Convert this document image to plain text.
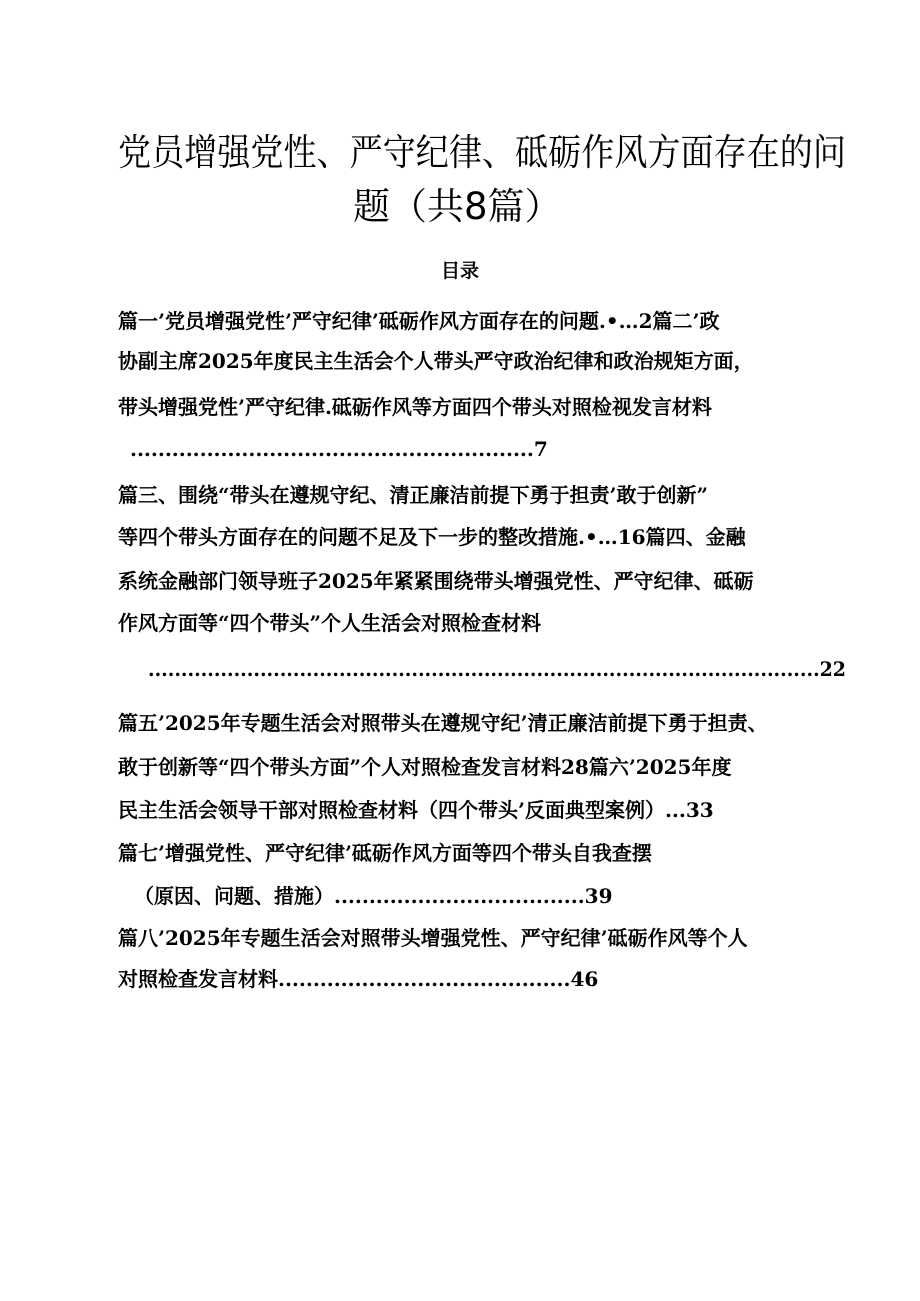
党员增强党性、严守纪律、砥砺作风方面存在的问
题（共8篇）
目录
篇一’党员增强党性’严守纪律’砥砺作风方面存在的问题.•…2篇二’政
协副主席2025年度民主生活会个人带头严守政治纪律和政治规矩方面，
带头增强党性’严守纪律.砥砺作风等方面四个带头对照检视发言材料
..........................................................7
篇三、围绕“带头在遵规守纪、清正廉洁前提下勇于担责’敢于创新”
等四个带头方面存在的问题不足及下一步的整改措施.•…16篇四、金融
系统金融部门领导班子2025年紧紧围绕带头增强党性、严守纪律、砥砺
作风方面等“四个带头”个人生活会对照检查材料
......................................................................................................22
篇五’2025年专题生活会对照带头在遵规守纪’清正廉洁前提下勇于担责、
敢于创新等“四个带头方面”个人对照检查发言材料28篇六’2025年度
民主生活会领导干部对照检查材料（四个带头’反面典型案例）...33
篇七’增强党性、严守纪律’砥砺作风方面等四个带头自我查摆
（原因、问题、措施）....................................39
篇八’2025年专题生活会对照带头增强党性、严守纪律’砥砺作风等个人
对照检查发言材料..........................................46
